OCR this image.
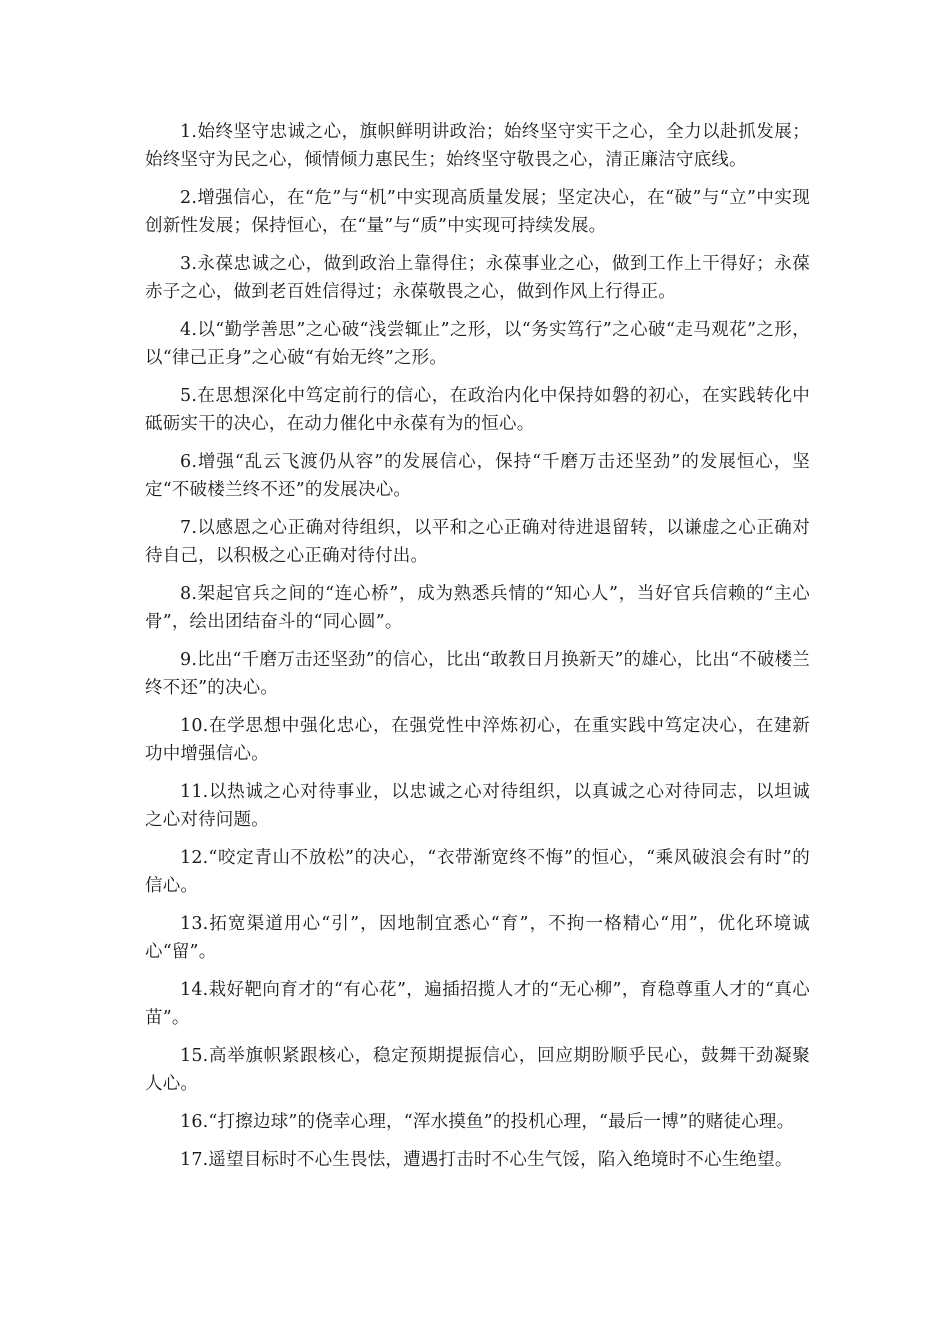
1.始终坚守忠诚之心，旗帜鲜明讲政治；始终坚守实干之心，全力以赴抓发展；始终坚守为民之心，倾情倾力惠民生；始终坚守敬畏之心，清正廉洁守底线。

2.增强信心，在“危”与“机”中实现高质量发展；坚定决心，在“破”与“立”中实现创新性发展；保持恒心，在“量”与“质”中实现可持续发展。

3.永葆忠诚之心，做到政治上靠得住；永葆事业之心，做到工作上干得好；永葆赤子之心，做到老百姓信得过；永葆敬畏之心，做到作风上行得正。

4.以“勤学善思”之心破“浅尝辄止”之形，以“务实笃行”之心破“走马观花”之形，以“律己正身”之心破“有始无终”之形。

5.在思想深化中笃定前行的信心，在政治内化中保持如磐的初心，在实践转化中砥砺实干的决心，在动力催化中永葆有为的恒心。

6.增强“乱云飞渡仍从容”的发展信心，保持“千磨万击还坚劲”的发展恒心，坚定“不破楼兰终不还”的发展决心。

7.以感恩之心正确对待组织，以平和之心正确对待进退留转，以谦虚之心正确对待自己，以积极之心正确对待付出。

8.架起官兵之间的“连心桥”，成为熟悉兵情的“知心人”，当好官兵信赖的“主心骨”，绘出团结奋斗的“同心圆”。

9.比出“千磨万击还坚劲”的信心，比出“敢教日月换新天”的雄心，比出“不破楼兰终不还”的决心。

10.在学思想中强化忠心，在强党性中淬炼初心，在重实践中笃定决心，在建新功中增强信心。

11.以热诚之心对待事业，以忠诚之心对待组织，以真诚之心对待同志，以坦诚之心对待问题。

12.“咬定青山不放松”的决心，“衣带渐宽终不悔”的恒心，“乘风破浪会有时”的信心。

13.拓宽渠道用心“引”，因地制宜悉心“育”，不拘一格精心“用”，优化环境诚心“留”。

14.栽好靶向育才的“有心花”，遍插招揽人才的“无心柳”，育稳尊重人才的“真心苗”。

15.高举旗帜紧跟核心，稳定预期提振信心，回应期盼顺乎民心，鼓舞干劲凝聚人心。

16.“打擦边球”的侥幸心理，“浑水摸鱼”的投机心理，“最后一博”的赌徒心理。

17.遥望目标时不心生畏怯，遭遇打击时不心生气馁，陷入绝境时不心生绝望。
